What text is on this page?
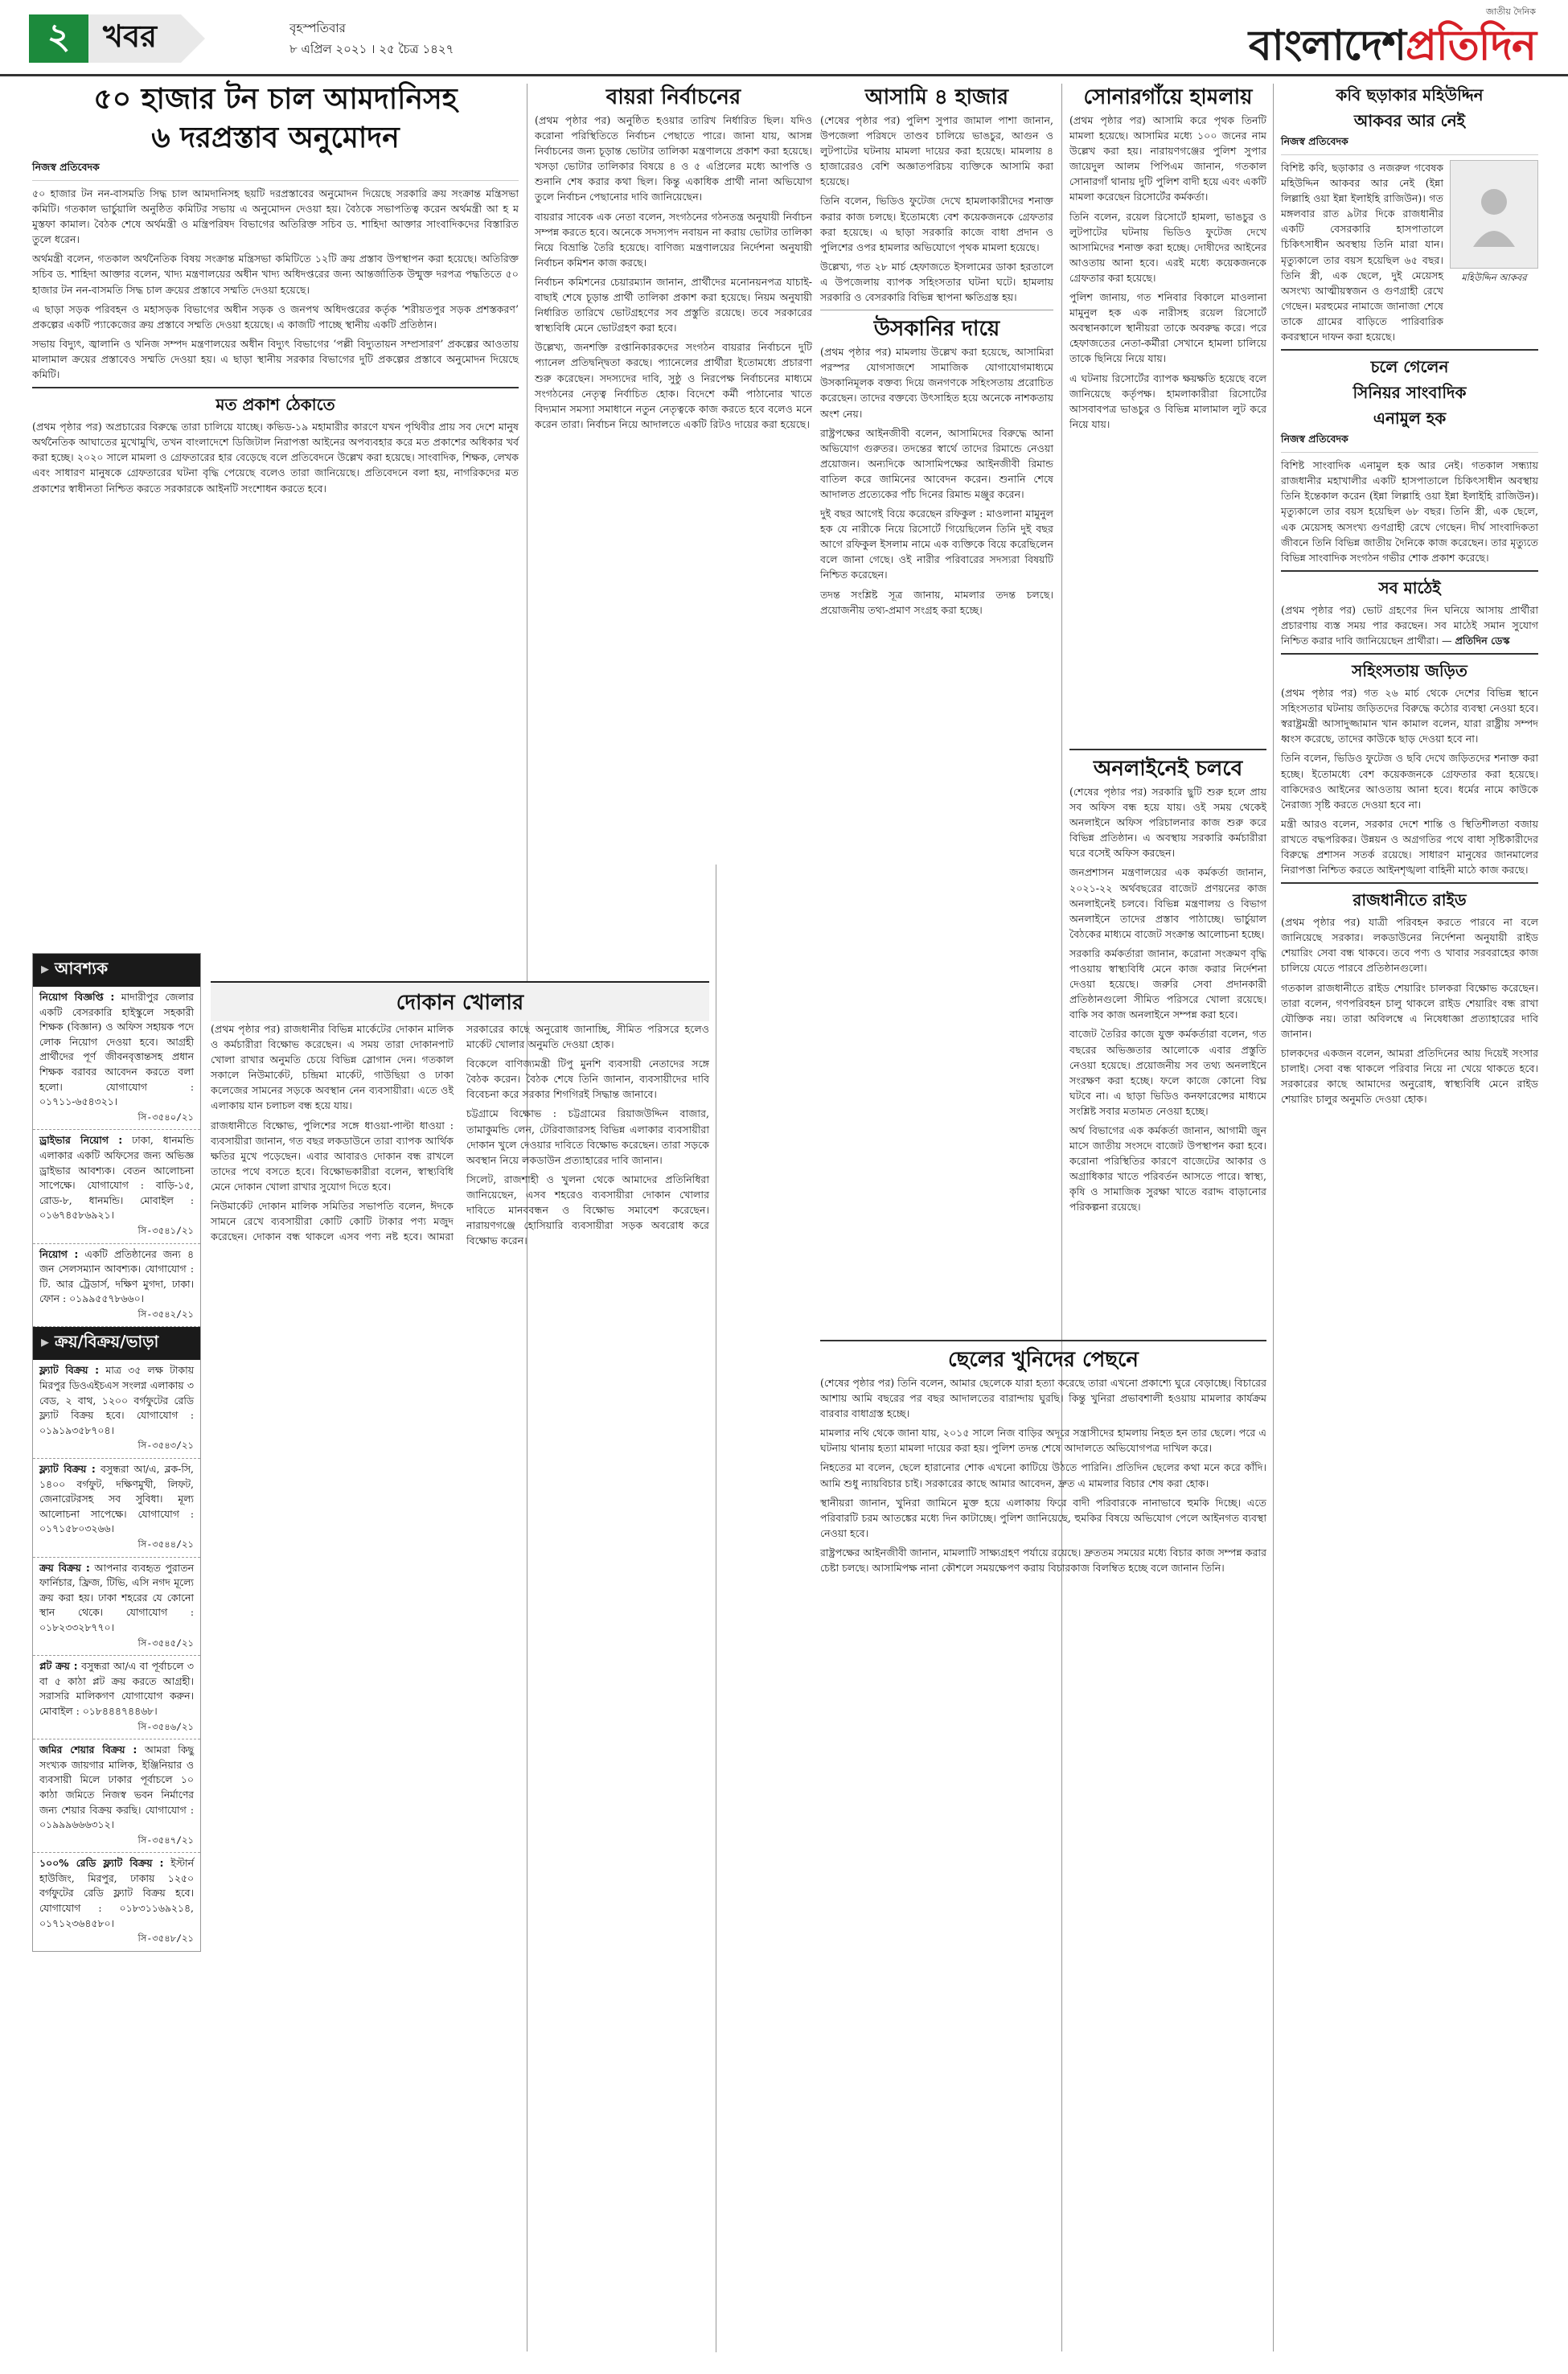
২	খবর	বৃহস্পতিবার
৮ এপ্রিল ২০২১ । ২৫ চৈত্র ১৪২৭
জাতীয় দৈনিক
বাংলাদেশপ্রতিদিন
৫০ হাজার টন চাল আমদানিসহ
৬ দরপ্রস্তাব অনুমোদন
নিজস্ব প্রতিবেদক

৫০ হাজার টন নন-বাসমতি সিদ্ধ চাল আমদানিসহ ছয়টি দরপ্রস্তাবের অনুমোদন দিয়েছে সরকারি ক্রয় সংক্রান্ত মন্ত্রিসভা কমিটি। গতকাল ভার্চুয়ালি অনুষ্ঠিত কমিটির সভায় এ অনুমোদন দেওয়া হয়। বৈঠকে সভাপতিত্ব করেন অর্থমন্ত্রী আ হ ম মুস্তফা কামাল। বৈঠক শেষে অর্থমন্ত্রী ও মন্ত্রিপরিষদ বিভাগের অতিরিক্ত সচিব ড. শাহিদা আক্তার সাংবাদিকদের বিস্তারিত তুলে ধরেন।

অর্থমন্ত্রী বলেন, গতকাল অর্থনৈতিক বিষয় সংক্রান্ত মন্ত্রিসভা কমিটিতে ১২টি ক্রয় প্রস্তাব উপস্থাপন করা হয়েছে। অতিরিক্ত সচিব ড. শাহিদা আক্তার বলেন, খাদ্য মন্ত্রণালয়ের অধীন খাদ্য অধিদপ্তরের জন্য আন্তর্জাতিক উন্মুক্ত দরপত্র পদ্ধতিতে ৫০ হাজার টন নন-বাসমতি সিদ্ধ চাল ক্রয়ের প্রস্তাবে সম্মতি দেওয়া হয়েছে।

এ ছাড়া সড়ক পরিবহন ও মহাসড়ক বিভাগের অধীন সড়ক ও জনপথ অধিদপ্তরের কর্তৃক ‘শরীয়তপুর সড়ক প্রশস্তকরণ’ প্রকল্পের একটি প্যাকেজের ক্রয় প্রস্তাবে সম্মতি দেওয়া হয়েছে। এ কাজটি পাচ্ছে স্থানীয় একটি প্রতিষ্ঠান।

সভায় বিদ্যুৎ, জ্বালানি ও খনিজ সম্পদ মন্ত্রণালয়ের অধীন বিদ্যুৎ বিভাগের ‘পল্লী বিদ্যুতায়ন সম্প্রসারণ’ প্রকল্পের আওতায় মালামাল ক্রয়ের প্রস্তাবেও সম্মতি দেওয়া হয়। এ ছাড়া স্থানীয় সরকার বিভাগের দুটি প্রকল্পের প্রস্তাবে অনুমোদন দিয়েছে কমিটি।

মত প্রকাশ ঠেকাতে

(প্রথম পৃষ্ঠার পর) অপ্রচারের বিরুদ্ধে তারা চালিয়ে যাচ্ছে। কভিড-১৯ মহামারীর কারণে যখন পৃথিবীর প্রায় সব দেশে মানুষ অর্থনৈতিক আঘাতের মুখোমুখি, তখন বাংলাদেশে ডিজিটাল নিরাপত্তা আইনের অপব্যবহার করে মত প্রকাশের অধিকার খর্ব করা হচ্ছে। ২০২০ সালে মামলা ও গ্রেফতারের হার বেড়েছে বলে প্রতিবেদনে উল্লেখ করা হয়েছে। সাংবাদিক, শিক্ষক, লেখক এবং সাধারণ মানুষকে গ্রেফতারের ঘটনা বৃদ্ধি পেয়েছে বলেও তারা জানিয়েছে। প্রতিবেদনে বলা হয়, নাগরিকদের মত প্রকাশের স্বাধীনতা নিশ্চিত করতে সরকারকে আইনটি সংশোধন করতে হবে।

▸ আবশ্যক
নিয়োগ বিজ্ঞপ্তি : মাদারীপুর জেলার একটি বেসরকারি হাইস্কুলে সহকারী শিক্ষক (বিজ্ঞান) ও অফিস সহায়ক পদে লোক নিয়োগ দেওয়া হবে। আগ্রহী প্রার্থীদের পূর্ণ জীবনবৃত্তান্তসহ প্রধান শিক্ষক বরাবর আবেদন করতে বলা হলো। যোগাযোগ : ০১৭১১-৬৫৪৩২১।
সি-৩৫৪০/২১
ড্রাইভার নিয়োগ : ঢাকা, ধানমন্ডি এলাকার একটি অফিসের জন্য অভিজ্ঞ ড্রাইভার আবশ্যক। বেতন আলোচনা সাপেক্ষে। যোগাযোগ : বাড়ি-১৫, রোড-৮, ধানমন্ডি। মোবাইল : ০১৬৭৪৫৮৬৯২১।
সি-৩৫৪১/২১
নিয়োগ : একটি প্রতিষ্ঠানের জন্য ৪ জন সেলসম্যান আবশ্যক। যোগাযোগ : টি. আর ট্রেডার্স, দক্ষিণ মুগদা, ঢাকা। ফোন : ০১৯৯৫৫৭৮৬৬০।
সি-৩৫৪২/২১
▸ ক্রয়/বিক্রয়/ভাড়া
ফ্ল্যাট বিক্রয় : মাত্র ৩৫ লক্ষ টাকায় মিরপুর ডিওএইচএস সংলগ্ন এলাকায় ৩ বেড, ২ বাথ, ১২০০ বর্গফুটের রেডি ফ্ল্যাট বিক্রয় হবে। যোগাযোগ : ০১৯১৯৩৫৮৭০৪।
সি-৩৫৪৩/২১
ফ্ল্যাট বিক্রয় : বসুন্ধরা আ/এ, ব্লক-সি, ১৪০০ বর্গফুট, দক্ষিণমুখী, লিফট, জেনারেটরসহ সব সুবিধা। মূল্য আলোচনা সাপেক্ষে। যোগাযোগ : ০১৭১৫৮০৩২৬৬।
সি-৩৫৪৪/২১
ক্রয় বিক্রয় : আপনার ব্যবহৃত পুরাতন ফার্নিচার, ফ্রিজ, টিভি, এসি নগদ মূল্যে ক্রয় করা হয়। ঢাকা শহরের যে কোনো স্থান থেকে। যোগাযোগ : ০১৮২৩৩২৮৭৭০।
সি-৩৫৪৫/২১
প্লট ক্রয় : বসুন্ধরা আ/এ বা পূর্বাচলে ৩ বা ৫ কাঠা প্লট ক্রয় করতে আগ্রহী। সরাসরি মালিকগণ যোগাযোগ করুন। মোবাইল : ০১৮৪৪৪৭৪৪৬৮।
সি-৩৫৪৬/২১
জমির শেয়ার বিক্রয় : আমরা কিছু সংখ্যক জায়গার মালিক, ইঞ্জিনিয়ার ও ব্যবসায়ী মিলে ঢাকার পূর্বাচলে ১০ কাঠা জমিতে নিজস্ব ভবন নির্মাণের জন্য শেয়ার বিক্রয় করছি। যোগাযোগ : ০১৯৯৯৬৬৬৩১২।
সি-৩৫৪৭/২১
১০০% রেডি ফ্ল্যাট বিক্রয় : ইস্টার্ন হাউজিং, মিরপুর, ঢাকায় ১২৫০ বর্গফুটের রেডি ফ্ল্যাট বিক্রয় হবে। যোগাযোগ : ০১৮৩১১৬৯২১৪, ০১৭১২৩৬৪৫৮০।
সি-৩৫৪৮/২১
দোকান খোলার

(প্রথম পৃষ্ঠার পর) রাজধানীর বিভিন্ন মার্কেটের দোকান মালিক ও কর্মচারীরা বিক্ষোভ করেছেন। এ সময় তারা দোকানপাট খোলা রাখার অনুমতি চেয়ে বিভিন্ন স্লোগান দেন। গতকাল সকালে নিউমার্কেট, চন্দ্রিমা মার্কেট, গাউছিয়া ও ঢাকা কলেজের সামনের সড়কে অবস্থান নেন ব্যবসায়ীরা। এতে ওই এলাকায় যান চলাচল বন্ধ হয়ে যায়।

রাজধানীতে বিক্ষোভ, পুলিশের সঙ্গে ধাওয়া-পাল্টা ধাওয়া : ব্যবসায়ীরা জানান, গত বছর লকডাউনে তারা ব্যাপক আর্থিক ক্ষতির মুখে পড়েছেন। এবার আবারও দোকান বন্ধ রাখলে তাদের পথে বসতে হবে। বিক্ষোভকারীরা বলেন, স্বাস্থ্যবিধি মেনে দোকান খোলা রাখার সুযোগ দিতে হবে।

নিউমার্কেট দোকান মালিক সমিতির সভাপতি বলেন, ঈদকে সামনে রেখে ব্যবসায়ীরা কোটি কোটি টাকার পণ্য মজুদ করেছেন। দোকান বন্ধ থাকলে এসব পণ্য নষ্ট হবে। আমরা সরকারের কাছে অনুরোধ জানাচ্ছি, সীমিত পরিসরে হলেও মার্কেট খোলার অনুমতি দেওয়া হোক।

বিকেলে বাণিজ্যমন্ত্রী টিপু মুনশি ব্যবসায়ী নেতাদের সঙ্গে বৈঠক করেন। বৈঠক শেষে তিনি জানান, ব্যবসায়ীদের দাবি বিবেচনা করে সরকার শিগগিরই সিদ্ধান্ত জানাবে।

চট্টগ্রামে বিক্ষোভ : চট্টগ্রামের রিয়াজউদ্দিন বাজার, তামাকুমন্ডি লেন, টেরিবাজারসহ বিভিন্ন এলাকার ব্যবসায়ীরা দোকান খুলে দেওয়ার দাবিতে বিক্ষোভ করেছেন। তারা সড়কে অবস্থান নিয়ে লকডাউন প্রত্যাহারের দাবি জানান।

সিলেট, রাজশাহী ও খুলনা থেকে আমাদের প্রতিনিধিরা জানিয়েছেন, এসব শহরেও ব্যবসায়ীরা দোকান খোলার দাবিতে মানববন্ধন ও বিক্ষোভ সমাবেশ করেছেন। নারায়ণগঞ্জে হোসিয়ারি ব্যবসায়ীরা সড়ক অবরোধ করে বিক্ষোভ করেন।

বায়রা নির্বাচনের

(প্রথম পৃষ্ঠার পর) অনুষ্ঠিত হওয়ার তারিখ নির্ধারিত ছিল। যদিও করোনা পরিস্থিতিতে নির্বাচন পেছাতে পারে। জানা যায়, আসন্ন নির্বাচনের জন্য চূড়ান্ত ভোটার তালিকা মন্ত্রণালয়ে প্রকাশ করা হয়েছে। খসড়া ভোটার তালিকার বিষয়ে ৪ ও ৫ এপ্রিলের মধ্যে আপত্তি ও শুনানি শেষ করার কথা ছিল। কিন্তু একাধিক প্রার্থী নানা অভিযোগ তুলে নির্বাচন পেছানোর দাবি জানিয়েছেন।

বায়রার সাবেক এক নেতা বলেন, সংগঠনের গঠনতন্ত্র অনুযায়ী নির্বাচন সম্পন্ন করতে হবে। অনেকে সদস্যপদ নবায়ন না করায় ভোটার তালিকা নিয়ে বিভ্রান্তি তৈরি হয়েছে। বাণিজ্য মন্ত্রণালয়ের নির্দেশনা অনুযায়ী নির্বাচন কমিশন কাজ করছে।

নির্বাচন কমিশনের চেয়ারম্যান জানান, প্রার্থীদের মনোনয়নপত্র যাচাই-বাছাই শেষে চূড়ান্ত প্রার্থী তালিকা প্রকাশ করা হয়েছে। নিয়ম অনুযায়ী নির্ধারিত তারিখে ভোটগ্রহণের সব প্রস্তুতি রয়েছে। তবে সরকারের স্বাস্থ্যবিধি মেনে ভোটগ্রহণ করা হবে।

উল্লেখ্য, জনশক্তি রপ্তানিকারকদের সংগঠন বায়রার নির্বাচনে দুটি প্যানেল প্রতিদ্বন্দ্বিতা করছে। প্যানেলের প্রার্থীরা ইতোমধ্যে প্রচারণা শুরু করেছেন। সদস্যদের দাবি, সুষ্ঠু ও নিরপেক্ষ নির্বাচনের মাধ্যমে সংগঠনের নেতৃত্ব নির্বাচিত হোক। বিদেশে কর্মী পাঠানোর খাতে বিদ্যমান সমস্যা সমাধানে নতুন নেতৃত্বকে কাজ করতে হবে বলেও মনে করেন তারা। নির্বাচন নিয়ে আদালতে একটি রিটও দায়ের করা হয়েছে।

আসামি ৪ হাজার

(শেষের পৃষ্ঠার পর) পুলিশ সুপার জামাল পাশা জানান, উপজেলা পরিষদে তাণ্ডব চালিয়ে ভাঙচুর, আগুন ও লুটপাটের ঘটনায় মামলা দায়ের করা হয়েছে। মামলায় ৪ হাজারেরও বেশি অজ্ঞাতপরিচয় ব্যক্তিকে আসামি করা হয়েছে।

তিনি বলেন, ভিডিও ফুটেজ দেখে হামলাকারীদের শনাক্ত করার কাজ চলছে। ইতোমধ্যে বেশ কয়েকজনকে গ্রেফতার করা হয়েছে। এ ছাড়া সরকারি কাজে বাধা প্রদান ও পুলিশের ওপর হামলার অভিযোগে পৃথক মামলা হয়েছে।

উল্লেখ্য, গত ২৮ মার্চ হেফাজতে ইসলামের ডাকা হরতালে এ উপজেলায় ব্যাপক সহিংসতার ঘটনা ঘটে। হামলায় সরকারি ও বেসরকারি বিভিন্ন স্থাপনা ক্ষতিগ্রস্ত হয়।

উসকানির দায়ে

(প্রথম পৃষ্ঠার পর) মামলায় উল্লেখ করা হয়েছে, আসামিরা পরস্পর যোগসাজশে সামাজিক যোগাযোগমাধ্যমে উসকানিমূলক বক্তব্য দিয়ে জনগণকে সহিংসতায় প্ররোচিত করেছেন। তাদের বক্তব্যে উৎসাহিত হয়ে অনেকে নাশকতায় অংশ নেয়।

রাষ্ট্রপক্ষের আইনজীবী বলেন, আসামিদের বিরুদ্ধে আনা অভিযোগ গুরুতর। তদন্তের স্বার্থে তাদের রিমান্ডে নেওয়া প্রয়োজন। অন্যদিকে আসামিপক্ষের আইনজীবী রিমান্ড বাতিল করে জামিনের আবেদন করেন। শুনানি শেষে আদালত প্রত্যেকের পাঁচ দিনের রিমান্ড মঞ্জুর করেন।

দুই বছর আগেই বিয়ে করেছেন রফিকুল : মাওলানা মামুনুল হক যে নারীকে নিয়ে রিসোর্টে গিয়েছিলেন তিনি দুই বছর আগে রফিকুল ইসলাম নামে এক ব্যক্তিকে বিয়ে করেছিলেন বলে জানা গেছে। ওই নারীর পরিবারের সদস্যরা বিষয়টি নিশ্চিত করেছেন।

তদন্ত সংশ্লিষ্ট সূত্র জানায়, মামলার তদন্ত চলছে। প্রয়োজনীয় তথ্য-প্রমাণ সংগ্রহ করা হচ্ছে।

সোনারগাঁয়ে হামলায়

(প্রথম পৃষ্ঠার পর) আসামি করে পৃথক তিনটি মামলা হয়েছে। আসামির মধ্যে ১০০ জনের নাম উল্লেখ করা হয়। নারায়ণগঞ্জের পুলিশ সুপার জায়েদুল আলম পিপিএম জানান, গতকাল সোনারগাঁ থানায় দুটি পুলিশ বাদী হয়ে এবং একটি মামলা করেছেন রিসোর্টের কর্মকর্তা।

তিনি বলেন, রয়েল রিসোর্টে হামলা, ভাঙচুর ও লুটপাটের ঘটনায় ভিডিও ফুটেজ দেখে আসামিদের শনাক্ত করা হচ্ছে। দোষীদের আইনের আওতায় আনা হবে। এরই মধ্যে কয়েকজনকে গ্রেফতার করা হয়েছে।

পুলিশ জানায়, গত শনিবার বিকালে মাওলানা মামুনুল হক এক নারীসহ রয়েল রিসোর্টে অবস্থানকালে স্থানীয়রা তাকে অবরুদ্ধ করে। পরে হেফাজতের নেতা-কর্মীরা সেখানে হামলা চালিয়ে তাকে ছিনিয়ে নিয়ে যায়।

এ ঘটনায় রিসোর্টের ব্যাপক ক্ষয়ক্ষতি হয়েছে বলে জানিয়েছে কর্তৃপক্ষ। হামলাকারীরা রিসোর্টের আসবাবপত্র ভাঙচুর ও বিভিন্ন মালামাল লুট করে নিয়ে যায়।

অনলাইনেই চলবে

(শেষের পৃষ্ঠার পর) সরকারি ছুটি শুরু হলে প্রায় সব অফিস বন্ধ হয়ে যায়। ওই সময় থেকেই অনলাইনে অফিস পরিচালনার কাজ শুরু করে বিভিন্ন প্রতিষ্ঠান। এ অবস্থায় সরকারি কর্মচারীরা ঘরে বসেই অফিস করছেন।

জনপ্রশাসন মন্ত্রণালয়ের এক কর্মকর্তা জানান, ২০২১-২২ অর্থবছরের বাজেট প্রণয়নের কাজ অনলাইনেই চলবে। বিভিন্ন মন্ত্রণালয় ও বিভাগ অনলাইনে তাদের প্রস্তাব পাঠাচ্ছে। ভার্চুয়াল বৈঠকের মাধ্যমে বাজেট সংক্রান্ত আলোচনা হচ্ছে।

সরকারি কর্মকর্তারা জানান, করোনা সংক্রমণ বৃদ্ধি পাওয়ায় স্বাস্থ্যবিধি মেনে কাজ করার নির্দেশনা দেওয়া হয়েছে। জরুরি সেবা প্রদানকারী প্রতিষ্ঠানগুলো সীমিত পরিসরে খোলা রয়েছে। বাকি সব কাজ অনলাইনে সম্পন্ন করা হবে।

বাজেট তৈরির কাজে যুক্ত কর্মকর্তারা বলেন, গত বছরের অভিজ্ঞতার আলোকে এবার প্রস্তুতি নেওয়া হয়েছে। প্রয়োজনীয় সব তথ্য অনলাইনে সংরক্ষণ করা হচ্ছে। ফলে কাজে কোনো বিঘ্ন ঘটবে না। এ ছাড়া ভিডিও কনফারেন্সের মাধ্যমে সংশ্লিষ্ট সবার মতামত নেওয়া হচ্ছে।

অর্থ বিভাগের এক কর্মকর্তা জানান, আগামী জুন মাসে জাতীয় সংসদে বাজেট উপস্থাপন করা হবে। করোনা পরিস্থিতির কারণে বাজেটের আকার ও অগ্রাধিকার খাতে পরিবর্তন আসতে পারে। স্বাস্থ্য, কৃষি ও সামাজিক সুরক্ষা খাতে বরাদ্দ বাড়ানোর পরিকল্পনা রয়েছে।

ছেলের খুনিদের পেছনে

(শেষের পৃষ্ঠার পর) তিনি বলেন, আমার ছেলেকে যারা হত্যা করেছে তারা এখনো প্রকাশ্যে ঘুরে বেড়াচ্ছে। বিচারের আশায় আমি বছরের পর বছর আদালতের বারান্দায় ঘুরছি। কিন্তু খুনিরা প্রভাবশালী হওয়ায় মামলার কার্যক্রম বারবার বাধাগ্রস্ত হচ্ছে।

মামলার নথি থেকে জানা যায়, ২০১৫ সালে নিজ বাড়ির অদূরে সন্ত্রাসীদের হামলায় নিহত হন তার ছেলে। পরে এ ঘটনায় থানায় হত্যা মামলা দায়ের করা হয়। পুলিশ তদন্ত শেষে আদালতে অভিযোগপত্র দাখিল করে।

নিহতের মা বলেন, ছেলে হারানোর শোক এখনো কাটিয়ে উঠতে পারিনি। প্রতিদিন ছেলের কথা মনে করে কাঁদি। আমি শুধু ন্যায়বিচার চাই। সরকারের কাছে আমার আবেদন, দ্রুত এ মামলার বিচার শেষ করা হোক।

স্থানীয়রা জানান, খুনিরা জামিনে মুক্ত হয়ে এলাকায় ফিরে বাদী পরিবারকে নানাভাবে হুমকি দিচ্ছে। এতে পরিবারটি চরম আতঙ্কের মধ্যে দিন কাটাচ্ছে। পুলিশ জানিয়েছে, হুমকির বিষয়ে অভিযোগ পেলে আইনগত ব্যবস্থা নেওয়া হবে।

রাষ্ট্রপক্ষের আইনজীবী জানান, মামলাটি সাক্ষ্যগ্রহণ পর্যায়ে রয়েছে। দ্রুততম সময়ের মধ্যে বিচার কাজ সম্পন্ন করার চেষ্টা চলছে। আসামিপক্ষ নানা কৌশলে সময়ক্ষেপণ করায় বিচারকাজ বিলম্বিত হচ্ছে বলে জানান তিনি।

কবি ছড়াকার মহিউদ্দিন
আকবর আর নেই
নিজস্ব প্রতিবেদক
বিশিষ্ট কবি, ছড়াকার ও নজরুল গবেষক মহিউদ্দিন আকবর আর নেই (ইন্না লিল্লাহি ওয়া ইন্না ইলাইহি রাজিউন)। গত মঙ্গলবার রাত ৯টার দিকে রাজধানীর একটি বেসরকারি হাসপাতালে চিকিৎসাধীন অবস্থায় তিনি মারা যান। মৃত্যুকালে তার বয়স হয়েছিল ৬৫ বছর। তিনি স্ত্রী, এক ছেলে, দুই মেয়েসহ অসংখ্য আত্মীয়স্বজন ও গুণগ্রাহী রেখে গেছেন। মরহুমের নামাজে জানাজা শেষে তাকে গ্রামের বাড়িতে পারিবারিক কবরস্থানে দাফন করা হয়েছে।
মহিউদ্দিন আকবর
চলে গেলেন
সিনিয়র সাংবাদিক
এনামুল হক
নিজস্ব প্রতিবেদক
বিশিষ্ট সাংবাদিক এনামুল হক আর নেই। গতকাল সন্ধ্যায় রাজধানীর মহাখালীর একটি হাসপাতালে চিকিৎসাধীন অবস্থায় তিনি ইন্তেকাল করেন (ইন্না লিল্লাহি ওয়া ইন্না ইলাইহি রাজিউন)। মৃত্যুকালে তার বয়স হয়েছিল ৬৮ বছর। তিনি স্ত্রী, এক ছেলে, এক মেয়েসহ অসংখ্য গুণগ্রাহী রেখে গেছেন। দীর্ঘ সাংবাদিকতা জীবনে তিনি বিভিন্ন জাতীয় দৈনিকে কাজ করেছেন। তার মৃত্যুতে বিভিন্ন সাংবাদিক সংগঠন গভীর শোক প্রকাশ করেছে।
সব মাঠেই
(প্রথম পৃষ্ঠার পর) ভোট গ্রহণের দিন ঘনিয়ে আসায় প্রার্থীরা প্রচারণায় ব্যস্ত সময় পার করছেন। সব মাঠেই সমান সুযোগ নিশ্চিত করার দাবি জানিয়েছেন প্রার্থীরা। — প্রতিদিন ডেস্ক
সহিংসতায় জড়িত

(প্রথম পৃষ্ঠার পর) গত ২৬ মার্চ থেকে দেশের বিভিন্ন স্থানে সহিংসতার ঘটনায় জড়িতদের বিরুদ্ধে কঠোর ব্যবস্থা নেওয়া হবে। স্বরাষ্ট্রমন্ত্রী আসাদুজ্জামান খান কামাল বলেন, যারা রাষ্ট্রীয় সম্পদ ধ্বংস করেছে, তাদের কাউকে ছাড় দেওয়া হবে না।

তিনি বলেন, ভিডিও ফুটেজ ও ছবি দেখে জড়িতদের শনাক্ত করা হচ্ছে। ইতোমধ্যে বেশ কয়েকজনকে গ্রেফতার করা হয়েছে। বাকিদেরও আইনের আওতায় আনা হবে। ধর্মের নামে কাউকে নৈরাজ্য সৃষ্টি করতে দেওয়া হবে না।

মন্ত্রী আরও বলেন, সরকার দেশে শান্তি ও স্থিতিশীলতা বজায় রাখতে বদ্ধপরিকর। উন্নয়ন ও অগ্রগতির পথে বাধা সৃষ্টিকারীদের বিরুদ্ধে প্রশাসন সতর্ক রয়েছে। সাধারণ মানুষের জানমালের নিরাপত্তা নিশ্চিত করতে আইনশৃঙ্খলা বাহিনী মাঠে কাজ করছে।

রাজধানীতে রাইড

(প্রথম পৃষ্ঠার পর) যাত্রী পরিবহন করতে পারবে না বলে জানিয়েছে সরকার। লকডাউনের নির্দেশনা অনুযায়ী রাইড শেয়ারিং সেবা বন্ধ থাকবে। তবে পণ্য ও খাবার সরবরাহের কাজ চালিয়ে যেতে পারবে প্রতিষ্ঠানগুলো।

গতকাল রাজধানীতে রাইড শেয়ারিং চালকরা বিক্ষোভ করেছেন। তারা বলেন, গণপরিবহন চালু থাকলে রাইড শেয়ারিং বন্ধ রাখা যৌক্তিক নয়। তারা অবিলম্বে এ নিষেধাজ্ঞা প্রত্যাহারের দাবি জানান।

চালকদের একজন বলেন, আমরা প্রতিদিনের আয় দিয়েই সংসার চালাই। সেবা বন্ধ থাকলে পরিবার নিয়ে না খেয়ে থাকতে হবে। সরকারের কাছে আমাদের অনুরোধ, স্বাস্থ্যবিধি মেনে রাইড শেয়ারিং চালুর অনুমতি দেওয়া হোক।
